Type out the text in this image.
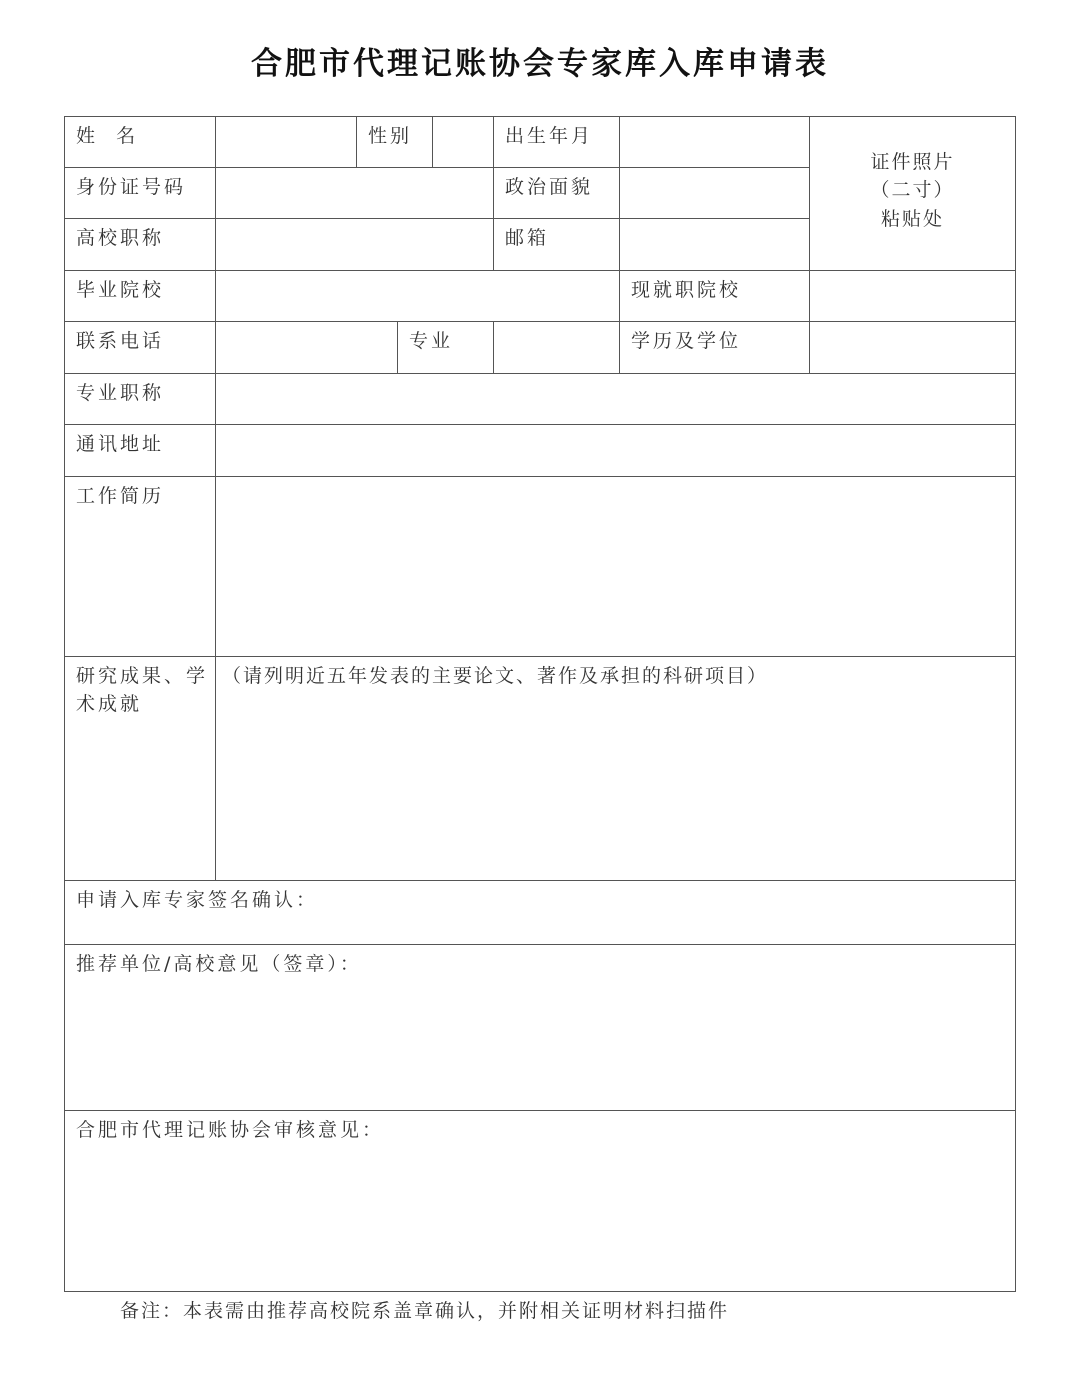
合肥市代理记账协会专家库入库申请表
姓  名	性别	出生年月
证件照片
（二寸）
粘贴处
身份证号码	政治面貌
高校职称	邮箱
毕业院校	现就职院校
联系电话	专业	学历及学位
专业职称
通讯地址
工作简历
研究成果、学
术成就
（请列明近五年发表的主要论文、著作及承担的科研项目）
申请入库专家签名确认：
推荐单位/高校意见（签章）：
合肥市代理记账协会审核意见：
备注：本表需由推荐高校院系盖章确认，并附相关证明材料扫描件
